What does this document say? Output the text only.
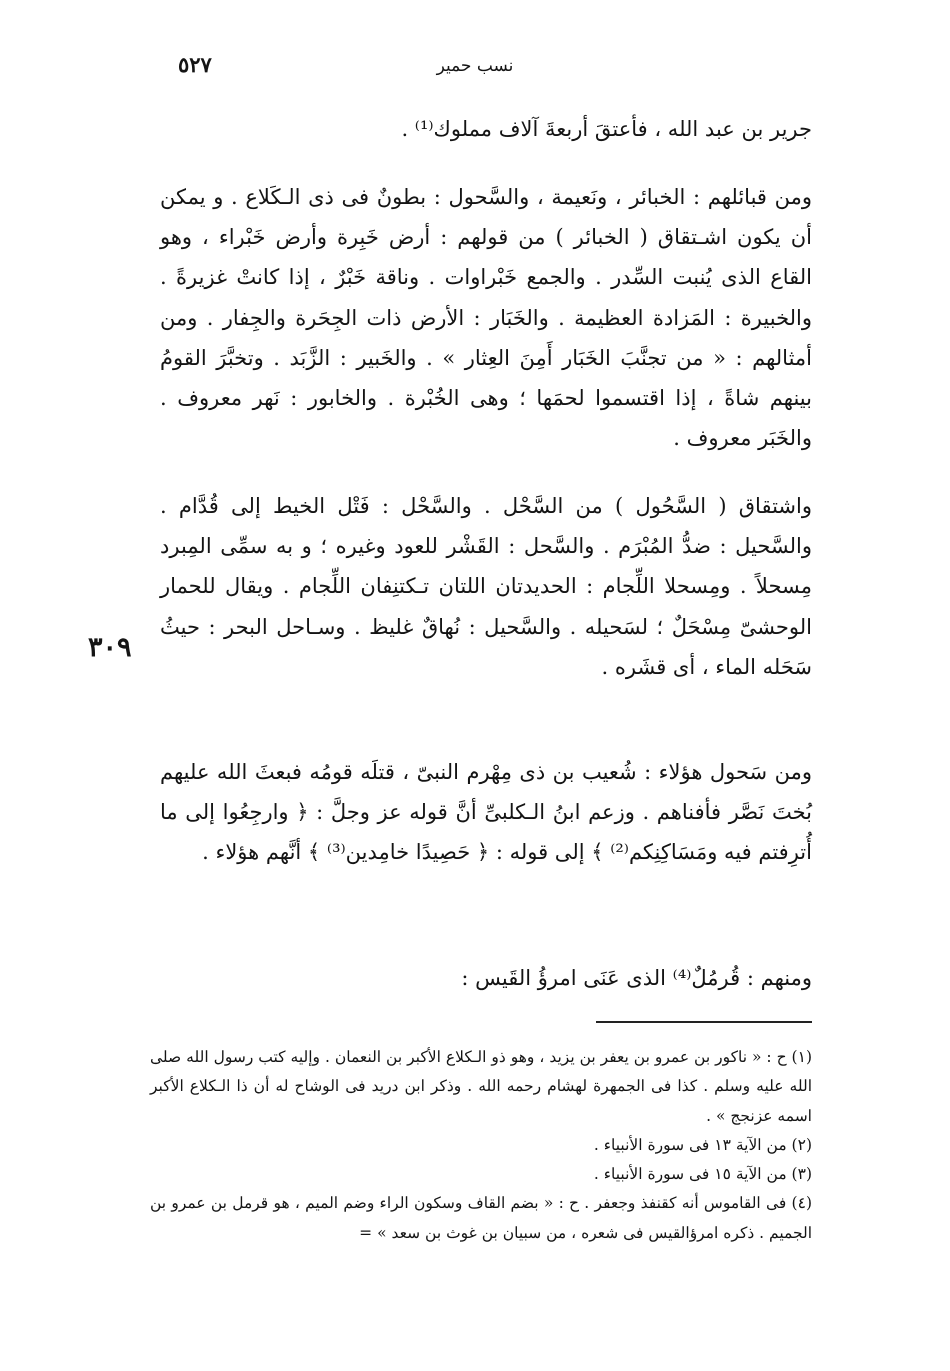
٥٢٧	نسب حمير

جرير بن عبد الله ، فأعتقَ أربعةَ آلاف مملوك⁽¹⁾ .

ومن قبائلهم : الخبائر ، ونَعيمة ، والسَّحول : بطونٌ فى ذى الـكَلاع . و يمكن أن يكون اشـتقاق ( الخبائر ) من قولهم : أرض خَبِرة وأرض خَبْراء ، وهو القاع الذى يُنبت السِّدر . والجمع خَبْراوات . وناقة خَبْرٌ ، إذا كانتْ غزيرةً . والخبيرة : المَزادة العظيمة . والخَبَار : الأرض ذات الجِحَرة والجِفار . ومن أمثالهم : « من تجنَّبَ الخَبَار أَمِنَ العِثار » . والخَبير : الزَّبَد . وتخبَّرَ القومُ بينهم شاةً ، إذا اقتسموا لحمَها ؛ وهى الخُبْرة . والخابور : نَهر معروف . والخَبَر معروف .

واشتقاق ( السَّحُول ) من السَّحْل . والسَّحْل : فَتْل الخيط إلى قُدَّام . والسَّحيل : ضدُّ المُبْرَم . والسَّحل : القَشْر للعود وغيره ؛ و به سمِّى المِبرد مِسحلاً . ومِسحلا اللِّجام : الحديدتان اللتان تـكتنِفان اللِّجام . ويقال للحمار الوحشىّ مِسْحَلٌ ؛ لسَحيله . والسَّحيل : نُهاقٌ غليظ . وسـاحل البحر : حيثُ سَحَله الماء ، أى قشَره .

٣٠٩

ومن سَحول هؤلاء : شُعيب بن ذى مِهْرم النبىّ ، قتلَه قومُه فبعثَ الله عليهم بُختَ نَصَّر فأفناهم . وزعم ابنُ الـكلبىِّ أنَّ قوله عز وجلَّ : ﴿ وارجِعُوا إلى ما أُترِفتم فيه ومَسَاكِنِكم⁽²⁾ ﴾ إلى قوله : ﴿ حَصِيدًا خامِدين⁽³⁾ ﴾ أنَّهم هؤلاء .

ومنهم : قُرمُلٌ⁽⁴⁾ الذى عَنَى امرؤُ القَيس :

(١) ح : « ناكور بن عمرو بن يعفر بن يزيد ، وهو ذو الـكلاع الأكبر بن النعمان . وإليه كتب رسول الله صلى الله عليه وسلم . كذا فى الجمهرة لهشام رحمه الله . وذكر ابن دريد فى الوشاح له أن ذا الـكلاع الأكبر اسمه عزنجج » .

(٢) من الآية ١٣ فى سورة الأنبياء .

(٣) من الآية ١٥ فى سورة الأنبياء .

(٤) فى القاموس أنه كقنفذ وجعفر . ح : « بضم القاف وسكون الراء وضم الميم ، هو قرمل بن عمرو بن الجميم . ذكره امرؤالقيس فى شعره ، من سبيان بن غوث بن سعد » =
